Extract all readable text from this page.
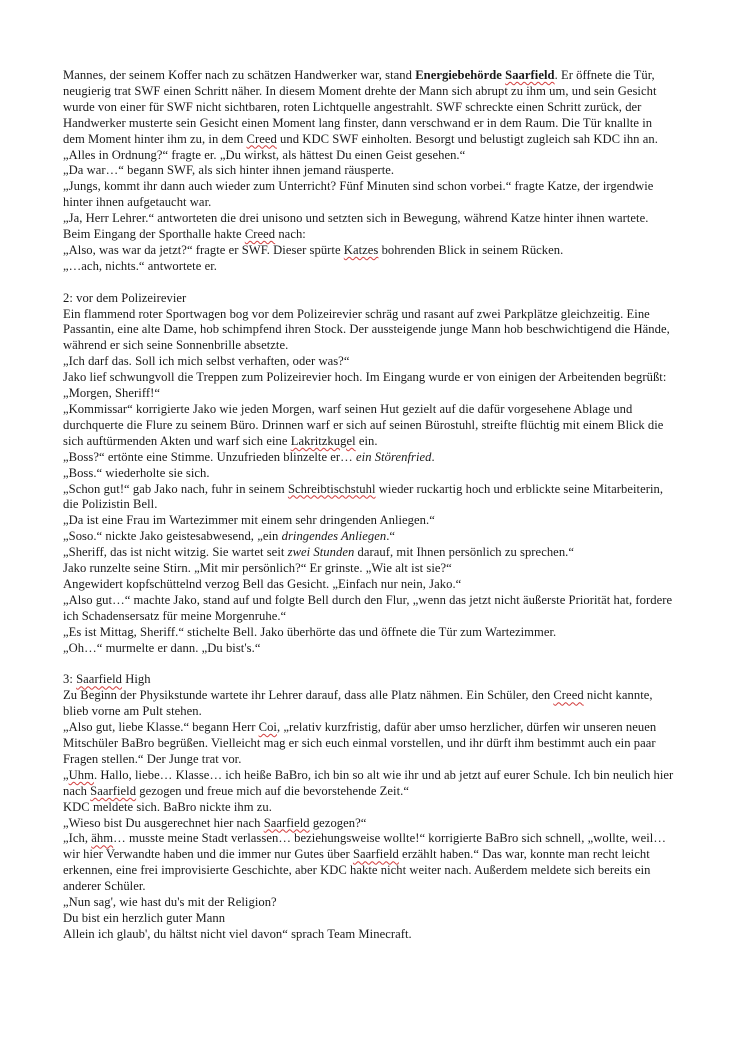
Mannes, der seinem Koffer nach zu schätzen Handwerker war, stand Energiebehörde Saarfield. Er öffnete die Tür, neugierig trat SWF einen Schritt näher. In diesem Moment drehte der Mann sich abrupt zu ihm um, und sein Gesicht wurde von einer für SWF nicht sichtbaren, roten Lichtquelle angestrahlt. SWF schreckte einen Schritt zurück, der Handwerker musterte sein Gesicht einen Moment lang finster, dann verschwand er in dem Raum. Die Tür knallte in dem Moment hinter ihm zu, in dem Creed und KDC SWF einholten. Besorgt und belustigt zugleich sah KDC ihn an.

„Alles in Ordnung?“ fragte er. „Du wirkst, als hättest Du einen Geist gesehen.“

„Da war…“ begann SWF, als sich hinter ihnen jemand räusperte.

„Jungs, kommt ihr dann auch wieder zum Unterricht? Fünf Minuten sind schon vorbei.“ fragte Katze, der irgendwie hinter ihnen aufgetaucht war.

„Ja, Herr Lehrer.“ antworteten die drei unisono und setzten sich in Bewegung, während Katze hinter ihnen wartete. Beim Eingang der Sporthalle hakte Creed nach:

„Also, was war da jetzt?“ fragte er SWF. Dieser spürte Katzes bohrenden Blick in seinem Rücken.

„…ach, nichts.“ antwortete er.

2: vor dem Polizeirevier

Ein flammend roter Sportwagen bog vor dem Polizeirevier schräg und rasant auf zwei Parkplätze gleichzeitig. Eine Passantin, eine alte Dame, hob schimpfend ihren Stock. Der aussteigende junge Mann hob beschwichtigend die Hände, während er sich seine Sonnenbrille absetzte.

„Ich darf das. Soll ich mich selbst verhaften, oder was?“

Jako lief schwungvoll die Treppen zum Polizeirevier hoch. Im Eingang wurde er von einigen der Arbeitenden begrüßt: „Morgen, Sheriff!“

„Kommissar“ korrigierte Jako wie jeden Morgen, warf seinen Hut gezielt auf die dafür vorgesehene Ablage und durchquerte die Flure zu seinem Büro. Drinnen warf er sich auf seinen Bürostuhl, streifte flüchtig mit einem Blick die sich auftürmenden Akten und warf sich eine Lakritzkugel ein.

„Boss?“ ertönte eine Stimme. Unzufrieden blinzelte er… ein Störenfried.

„Boss.“ wiederholte sie sich.

„Schon gut!“ gab Jako nach, fuhr in seinem Schreibtischstuhl wieder ruckartig hoch und erblickte seine Mitarbeiterin, die Polizistin Bell.

„Da ist eine Frau im Wartezimmer mit einem sehr dringenden Anliegen.“

„Soso.“ nickte Jako geistesabwesend, „ein dringendes Anliegen.“

„Sheriff, das ist nicht witzig. Sie wartet seit zwei Stunden darauf, mit Ihnen persönlich zu sprechen.“

Jako runzelte seine Stirn. „Mit mir persönlich?“ Er grinste. „Wie alt ist sie?“

Angewidert kopfschüttelnd verzog Bell das Gesicht. „Einfach nur nein, Jako.“

„Also gut…“ machte Jako, stand auf und folgte Bell durch den Flur, „wenn das jetzt nicht äußerste Priorität hat, fordere ich Schadensersatz für meine Morgenruhe.“

„Es ist Mittag, Sheriff.“ stichelte Bell. Jako überhörte das und öffnete die Tür zum Wartezimmer.

„Oh…“ murmelte er dann. „Du bist's.“

3: Saarfield High

Zu Beginn der Physikstunde wartete ihr Lehrer darauf, dass alle Platz nähmen. Ein Schüler, den Creed nicht kannte, blieb vorne am Pult stehen.

„Also gut, liebe Klasse.“ begann Herr Coi, „relativ kurzfristig, dafür aber umso herzlicher, dürfen wir unseren neuen Mitschüler BaBro begrüßen. Vielleicht mag er sich euch einmal vorstellen, und ihr dürft ihm bestimmt auch ein paar Fragen stellen.“ Der Junge trat vor.

„Uhm. Hallo, liebe… Klasse… ich heiße BaBro, ich bin so alt wie ihr und ab jetzt auf eurer Schule. Ich bin neulich hier nach Saarfield gezogen und freue mich auf die bevorstehende Zeit.“

KDC meldete sich. BaBro nickte ihm zu.

„Wieso bist Du ausgerechnet hier nach Saarfield gezogen?“

„Ich, ähm… musste meine Stadt verlassen… beziehungsweise wollte!“ korrigierte BaBro sich schnell, „wollte, weil…wir hier Verwandte haben und die immer nur Gutes über Saarfield erzählt haben.“ Das war, konnte man recht leicht erkennen, eine frei improvisierte Geschichte, aber KDC hakte nicht weiter nach. Außerdem meldete sich bereits ein anderer Schüler.

„Nun sag', wie hast du's mit der Religion?

Du bist ein herzlich guter Mann

Allein ich glaub', du hältst nicht viel davon“ sprach Team Minecraft.
